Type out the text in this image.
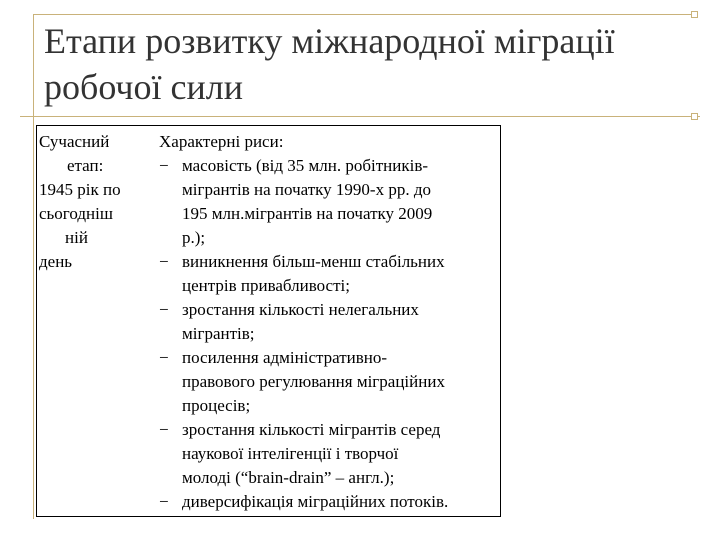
Етапи розвитку міжнародної міграції
робочої сили
Сучасний
етап:
1945 рік по
сьогодніш
ній
день
Характерні риси:
− масовість (від 35 млн. робітників-
мігрантів на початку 1990-х рр. до
195 млн.мігрантів на початку 2009
р.);
− виникнення більш-менш стабільних
центрів привабливості;
− зростання кількості нелегальних
мігрантів;
− посилення адміністративно-
правового регулювання міграційних
процесів;
− зростання кількості мігрантів серед
наукової інтелігенції і творчої
молоді (“brain-drain” – англ.);
− диверсифікація міграційних потоків.
